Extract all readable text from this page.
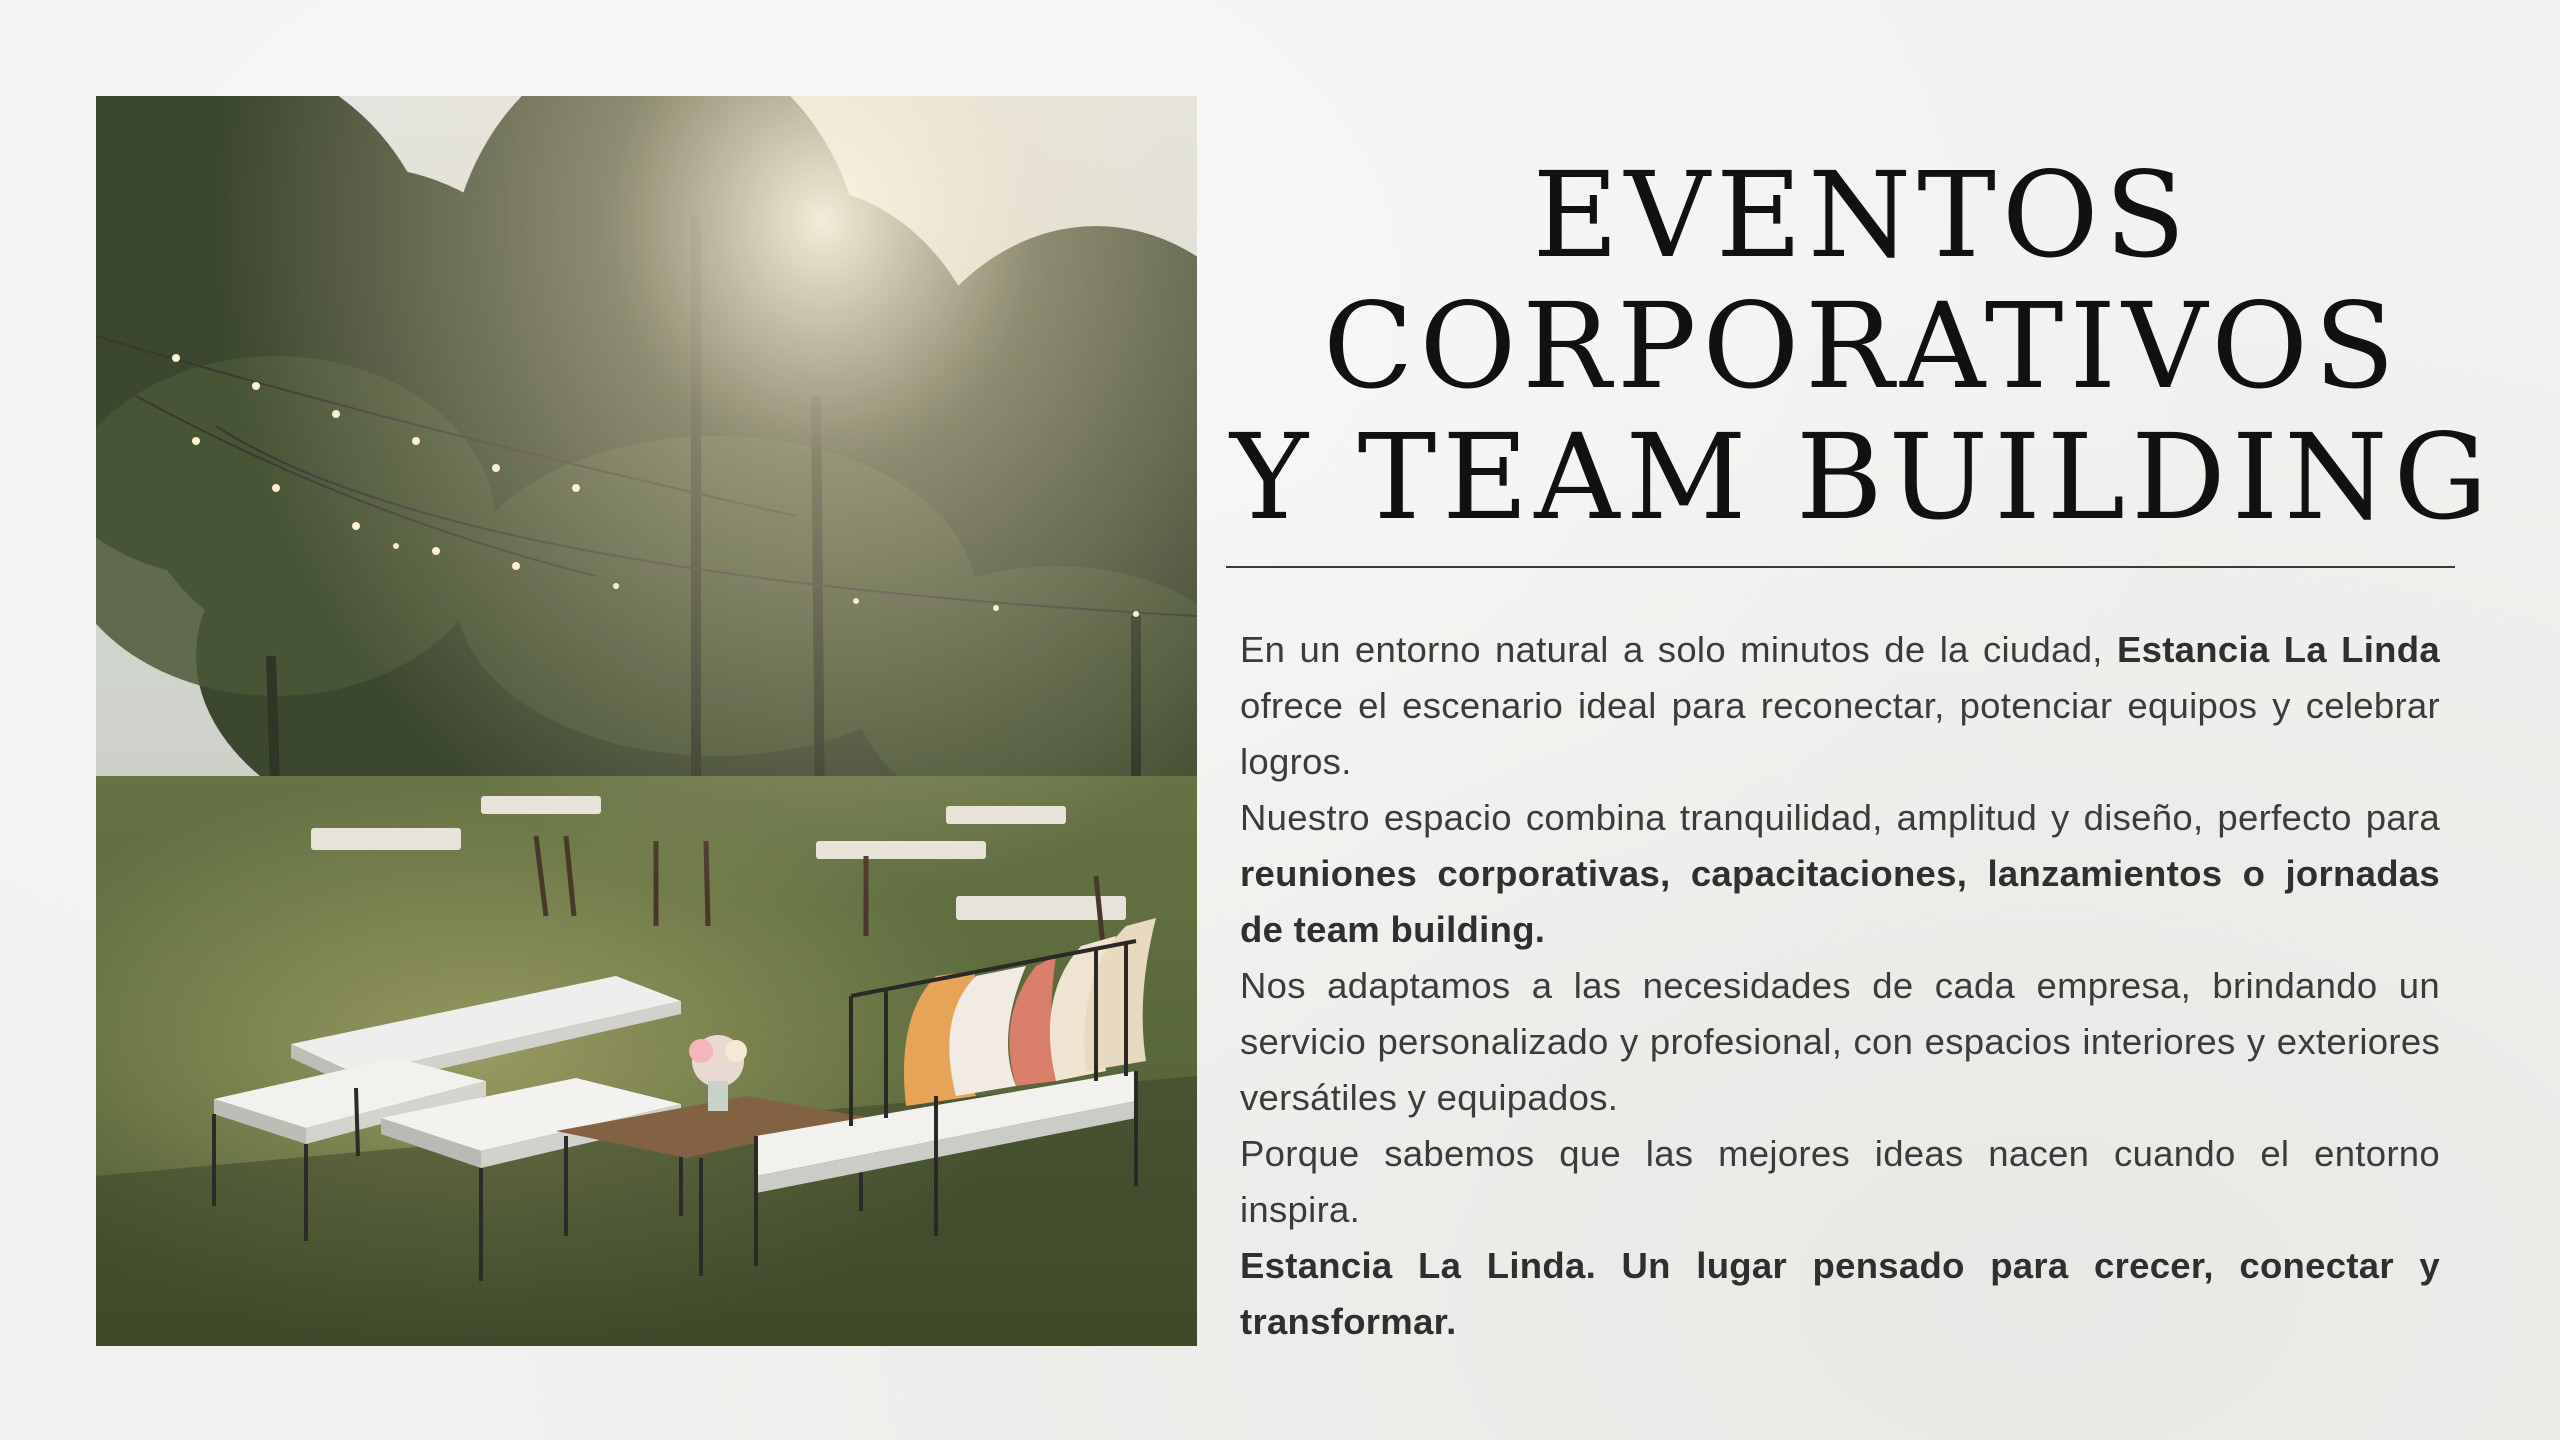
EVENTOS
CORPORATIVOS
Y TEAM BUILDING

En un entorno natural a solo minutos de la ciudad, Estancia La Linda ofrece el escenario ideal para reconectar, potenciar equipos y celebrar logros.

Nuestro espacio combina tranquilidad, amplitud y diseño, perfecto para reuniones corporativas, capacitaciones, lanzamientos o jornadas de team building.

Nos adaptamos a las necesidades de cada empresa, brindando un servicio personalizado y profesional, con espacios interiores y exteriores versátiles y equipados.

Porque sabemos que las mejores ideas nacen cuando el entorno inspira.

Estancia La Linda. Un lugar pensado para crecer, conectar y transformar.
